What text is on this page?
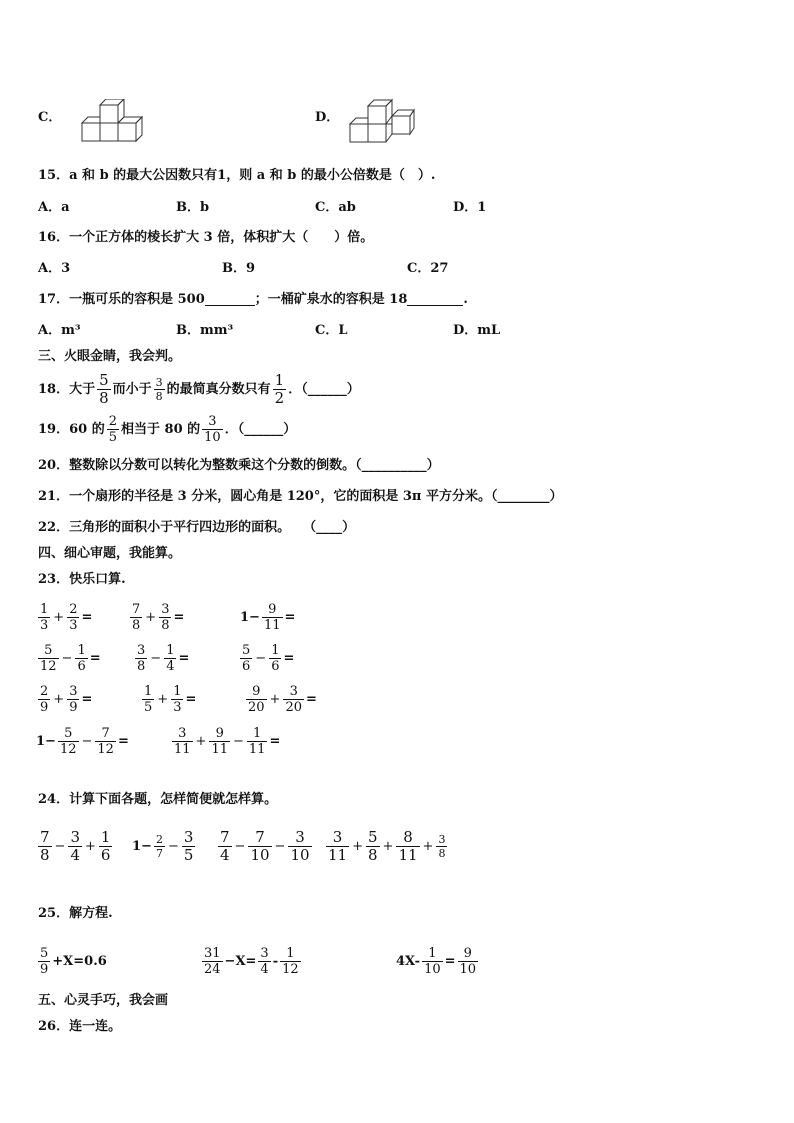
C．	D．
15．a 和 b 的最大公因数只有1，则 a 和 b 的最小公倍数是（　）.
A．a	B．b	C．ab	D．1
16．一个正方体的棱长扩大 3 倍，体积扩大（　　）倍。
A．3	B．9	C．27
17．一瓶可乐的容积是 500	；一桶矿泉水的容积是 18	.
A．m³	B．mm³	C．L	D．mL
三、火眼金睛，我会判。
18．大于 $\frac{5}{8}$ 而小于 $\frac{3}{8}$ 的最简真分数只有 $\frac{1}{2}$ ．（______）
19．60 的 $\frac{2}{5}$ 相当于 80 的 $\frac{3}{10}$ ．（______）
20．整数除以分数可以转化为整数乘这个分数的倒数。（__________）
21．一个扇形的半径是 3 分米，圆心角是 120°，它的面积是 3π 平方分米。（________）
22．三角形的面积小于平行四边形的面积。　　（____）
四、细心审题，我能算。
23．快乐口算.
$\frac{1}{3} + \frac{2}{3}$ =	$\frac{7}{8} + \frac{3}{8}$ =	$1- \frac{9}{11}$ =
$\frac{5}{12} - \frac{1}{6}$ =	$\frac{3}{8} - \frac{1}{4}$ =	$\frac{5}{6} - \frac{1}{6}$ =
$\frac{2}{9} + \frac{3}{9}$ =	$\frac{1}{5} + \frac{1}{3}$ =	$\frac{9}{20} + \frac{3}{20}$ =
$1- \frac{5}{12} - \frac{7}{12}$ =	$\frac{3}{11} + \frac{9}{11} - \frac{1}{11}$ =
24．计算下面各题，怎样简便就怎样算。
$\frac{7}{8} - \frac{3}{4} + \frac{1}{6} 1- \frac{2}{7} - \frac{3}{5} \frac{7}{4} - \frac{7}{10} - \frac{3}{10} \frac{3}{11} + \frac{5}{8} + \frac{8}{11} + \frac{3}{8}$
25．解方程.
$\frac{5}{9} +X=0.6$	$\frac{31}{24} -X= \frac{3}{4} - \frac{1}{12}$	$4X- \frac{1}{10} = \frac{9}{10}$
五、心灵手巧，我会画
26．连一连。
